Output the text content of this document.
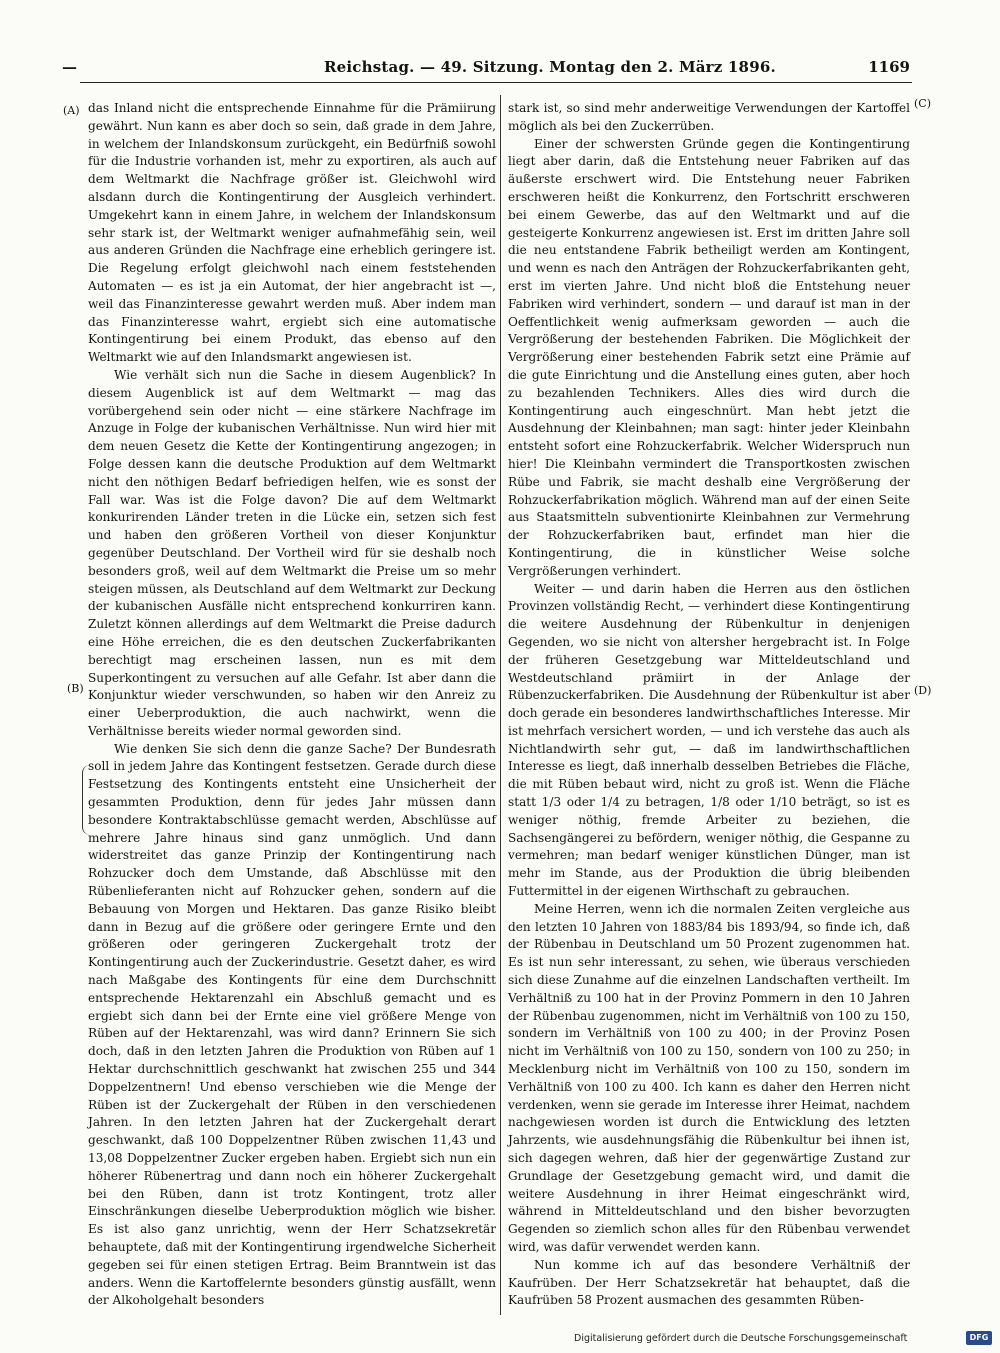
—	Reichstag. — 49. Sitzung. Montag den 2. März 1896.	1169
(A)
(B)
(C)
(D)

das Inland nicht die entsprechende Einnahme für die Prämiirung gewährt. Nun kann es aber doch so sein, daß grade in dem Jahre, in welchem der Inlandskonsum zurückgeht, ein Bedürfniß sowohl für die Industrie vorhanden ist, mehr zu exportiren, als auch auf dem Weltmarkt die Nachfrage größer ist. Gleichwohl wird alsdann durch die Kontingentirung der Ausgleich verhindert. Umgekehrt kann in einem Jahre, in welchem der Inlandskonsum sehr stark ist, der Weltmarkt weniger aufnahmefähig sein, weil aus anderen Gründen die Nachfrage eine erheblich geringere ist. Die Regelung erfolgt gleichwohl nach einem feststehenden Automaten — es ist ja ein Automat, der hier angebracht ist —, weil das Finanzinteresse gewahrt werden muß. Aber indem man das Finanzinteresse wahrt, ergiebt sich eine automatische Kontingentirung bei einem Produkt, das ebenso auf den Weltmarkt wie auf den Inlandsmarkt angewiesen ist.

Wie verhält sich nun die Sache in diesem Augenblick? In diesem Augenblick ist auf dem Weltmarkt — mag das vorübergehend sein oder nicht — eine stärkere Nachfrage im Anzuge in Folge der kubanischen Verhältnisse. Nun wird hier mit dem neuen Gesetz die Kette der Kontingentirung angezogen; in Folge dessen kann die deutsche Produktion auf dem Weltmarkt nicht den nöthigen Bedarf befriedigen helfen, wie es sonst der Fall war. Was ist die Folge davon? Die auf dem Weltmarkt konkurirenden Länder treten in die Lücke ein, setzen sich fest und haben den größeren Vortheil von dieser Konjunktur gegenüber Deutschland. Der Vortheil wird für sie deshalb noch besonders groß, weil auf dem Weltmarkt die Preise um so mehr steigen müssen, als Deutschland auf dem Weltmarkt zur Deckung der kubanischen Ausfälle nicht entsprechend konkurriren kann. Zuletzt können allerdings auf dem Weltmarkt die Preise dadurch eine Höhe erreichen, die es den deutschen Zuckerfabrikanten berechtigt mag erscheinen lassen, nun es mit dem Superkontingent zu versuchen auf alle Gefahr. Ist aber dann die Konjunktur wieder verschwunden, so haben wir den Anreiz zu einer Ueberproduktion, die auch nachwirkt, wenn die Verhältnisse bereits wieder normal geworden sind.

Wie denken Sie sich denn die ganze Sache? Der Bundesrath soll in jedem Jahre das Kontingent festsetzen. Gerade durch diese Festsetzung des Kontingents entsteht eine Unsicherheit der gesammten Produktion, denn für jedes Jahr müssen dann besondere Kontraktabschlüsse gemacht werden, Abschlüsse auf mehrere Jahre hinaus sind ganz unmöglich. Und dann widerstreitet das ganze Prinzip der Kontingentirung nach Rohzucker doch dem Umstande, daß Abschlüsse mit den Rübenlieferanten nicht auf Rohzucker gehen, sondern auf die Bebauung von Morgen und Hektaren. Das ganze Risiko bleibt dann in Bezug auf die größere oder geringere Ernte und den größeren oder geringeren Zuckergehalt trotz der Kontingentirung auch der Zuckerindustrie. Gesetzt daher, es wird nach Maßgabe des Kontingents für eine dem Durchschnitt entsprechende Hektarenzahl ein Abschluß gemacht und es ergiebt sich dann bei der Ernte eine viel größere Menge von Rüben auf der Hektarenzahl, was wird dann? Erinnern Sie sich doch, daß in den letzten Jahren die Produktion von Rüben auf 1 Hektar durchschnittlich geschwankt hat zwischen 255 und 344 Doppelzentnern! Und ebenso verschieben wie die Menge der Rüben ist der Zuckergehalt der Rüben in den verschiedenen Jahren. In den letzten Jahren hat der Zuckergehalt derart geschwankt, daß 100 Doppelzentner Rüben zwischen 11,43 und 13,08 Doppelzentner Zucker ergeben haben. Ergiebt sich nun ein höherer Rübenertrag und dann noch ein höherer Zuckergehalt bei den Rüben, dann ist trotz Kontingent, trotz aller Einschränkungen dieselbe Ueberproduktion möglich wie bisher. Es ist also ganz unrichtig, wenn der Herr Schatzsekretär behauptete, daß mit der Kontingentirung irgendwelche Sicherheit gegeben sei für einen stetigen Ertrag. Beim Branntwein ist das anders. Wenn die Kartoffelernte besonders günstig ausfällt, wenn der Alkoholgehalt besonders

stark ist, so sind mehr anderweitige Verwendungen der Kartoffel möglich als bei den Zuckerrüben.

Einer der schwersten Gründe gegen die Kontingentirung liegt aber darin, daß die Entstehung neuer Fabriken auf das äußerste erschwert wird. Die Entstehung neuer Fabriken erschweren heißt die Konkurrenz, den Fortschritt erschweren bei einem Gewerbe, das auf den Weltmarkt und auf die gesteigerte Konkurrenz angewiesen ist. Erst im dritten Jahre soll die neu entstandene Fabrik betheiligt werden am Kontingent, und wenn es nach den Anträgen der Rohzuckerfabrikanten geht, erst im vierten Jahre. Und nicht bloß die Entstehung neuer Fabriken wird verhindert, sondern — und darauf ist man in der Oeffentlichkeit wenig aufmerksam geworden — auch die Vergrößerung der bestehenden Fabriken. Die Möglichkeit der Vergrößerung einer bestehenden Fabrik setzt eine Prämie auf die gute Einrichtung und die Anstellung eines guten, aber hoch zu bezahlenden Technikers. Alles dies wird durch die Kontingentirung auch eingeschnürt. Man hebt jetzt die Ausdehnung der Kleinbahnen; man sagt: hinter jeder Kleinbahn entsteht sofort eine Rohzuckerfabrik. Welcher Widerspruch nun hier! Die Kleinbahn vermindert die Transportkosten zwischen Rübe und Fabrik, sie macht deshalb eine Vergrößerung der Rohzuckerfabrikation möglich. Während man auf der einen Seite aus Staatsmitteln subventionirte Kleinbahnen zur Vermehrung der Rohzuckerfabriken baut, erfindet man hier die Kontingentirung, die in künstlicher Weise solche Vergrößerungen verhindert.

Weiter — und darin haben die Herren aus den östlichen Provinzen vollständig Recht, — verhindert diese Kontingentirung die weitere Ausdehnung der Rübenkultur in denjenigen Gegenden, wo sie nicht von altersher hergebracht ist. In Folge der früheren Gesetzgebung war Mitteldeutschland und Westdeutschland prämiirt in der Anlage der Rübenzuckerfabriken. Die Ausdehnung der Rübenkultur ist aber doch gerade ein besonderes landwirthschaftliches Interesse. Mir ist mehrfach versichert worden, — und ich verstehe das auch als Nichtlandwirth sehr gut, — daß im landwirthschaftlichen Interesse es liegt, daß innerhalb desselben Betriebes die Fläche, die mit Rüben bebaut wird, nicht zu groß ist. Wenn die Fläche statt 1/3 oder 1/4 zu betragen, 1/8 oder 1/10 beträgt, so ist es weniger nöthig, fremde Arbeiter zu beziehen, die Sachsengängerei zu befördern, weniger nöthig, die Gespanne zu vermehren; man bedarf weniger künstlichen Dünger, man ist mehr im Stande, aus der Produktion die übrig bleibenden Futtermittel in der eigenen Wirthschaft zu gebrauchen.

Meine Herren, wenn ich die normalen Zeiten vergleiche aus den letzten 10 Jahren von 1883/84 bis 1893/94, so finde ich, daß der Rübenbau in Deutschland um 50 Prozent zugenommen hat. Es ist nun sehr interessant, zu sehen, wie überaus verschieden sich diese Zunahme auf die einzelnen Landschaften vertheilt. Im Verhältniß zu 100 hat in der Provinz Pommern in den 10 Jahren der Rübenbau zugenommen, nicht im Verhältniß von 100 zu 150, sondern im Verhältniß von 100 zu 400; in der Provinz Posen nicht im Verhältniß von 100 zu 150, sondern von 100 zu 250; in Mecklenburg nicht im Verhältniß von 100 zu 150, sondern im Verhältniß von 100 zu 400. Ich kann es daher den Herren nicht verdenken, wenn sie gerade im Interesse ihrer Heimat, nachdem nachgewiesen worden ist durch die Entwicklung des letzten Jahrzents, wie ausdehnungsfähig die Rübenkultur bei ihnen ist, sich dagegen wehren, daß hier der gegenwärtige Zustand zur Grundlage der Gesetzgebung gemacht wird, und damit die weitere Ausdehnung in ihrer Heimat eingeschränkt wird, während in Mitteldeutschland und den bisher bevorzugten Gegenden so ziemlich schon alles für den Rübenbau verwendet wird, was dafür verwendet werden kann.

Nun komme ich auf das besondere Verhältniß der Kaufrüben. Der Herr Schatzsekretär hat behauptet, daß die Kaufrüben 58 Prozent ausmachen des gesammten Rüben-

Digitalisierung gefördert durch die Deutsche Forschungsgemeinschaft	DFG
